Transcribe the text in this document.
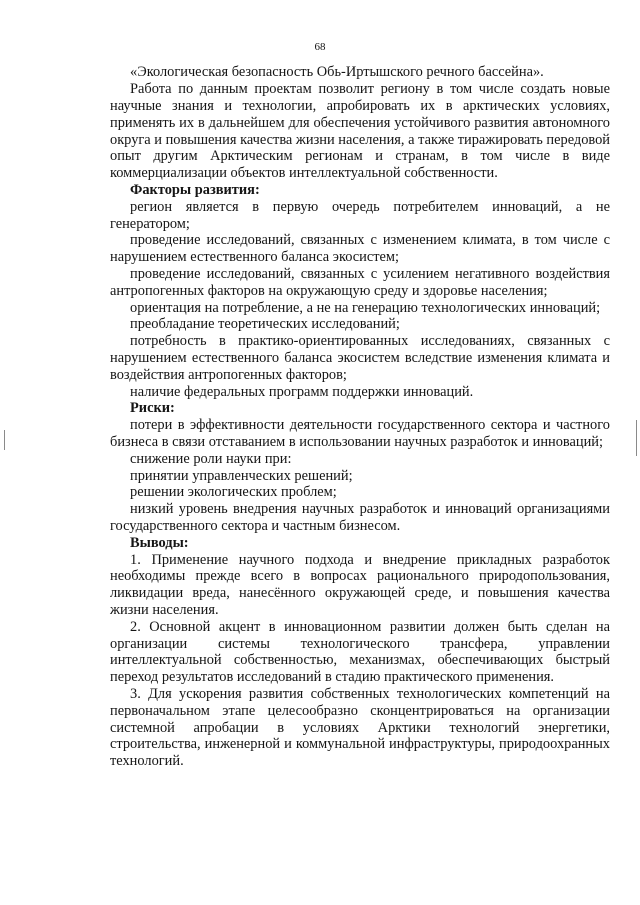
68

«Экологическая безопасность Обь-Иртышского речного бассейна».

Работа по данным проектам позволит региону в том числе создать новые научные знания и технологии, апробировать их в арктических условиях, применять их в дальнейшем для обеспечения устойчивого развития автономного округа и повышения качества жизни населения, а также тиражировать передовой опыт другим Арктическим регионам и странам, в том числе в виде коммерциализации объектов интеллектуальной собственности.

Факторы развития:

регион является в первую очередь потребителем инноваций, а не генератором;

проведение исследований, связанных с изменением климата, в том числе с нарушением естественного баланса экосистем;

проведение исследований, связанных с усилением негативного воздействия антропогенных факторов на окружающую среду и здоровье населения;

ориентация на потребление, а не на генерацию технологических инноваций;

преобладание теоретических исследований;

потребность в практико-ориентированных исследованиях, связанных с нарушением естественного баланса экосистем вследствие изменения климата и воздействия антропогенных факторов;

наличие федеральных программ поддержки инноваций.

Риски:

потери в эффективности деятельности государственного сектора и частного бизнеса в связи отставанием в использовании научных разработок и инноваций;

снижение роли науки при:

принятии управленческих решений;

решении экологических проблем;

низкий уровень внедрения научных разработок и инноваций организациями государственного сектора и частным бизнесом.

Выводы:

1. Применение научного подхода и внедрение прикладных разработок необходимы прежде всего в вопросах рационального природопользования, ликвидации вреда, нанесённого окружающей среде, и повышения качества жизни населения.

2. Основной акцент в инновационном развитии должен быть сделан на организации системы технологического трансфера, управлении интеллектуальной собственностью, механизмах, обеспечивающих быстрый переход результатов исследований в стадию практического применения.

3. Для ускорения развития собственных технологических компетенций на первоначальном этапе целесообразно сконцентрироваться на организации системной апробации в условиях Арктики технологий энергетики, строительства, инженерной и коммунальной инфраструктуры, природоохранных технологий.
